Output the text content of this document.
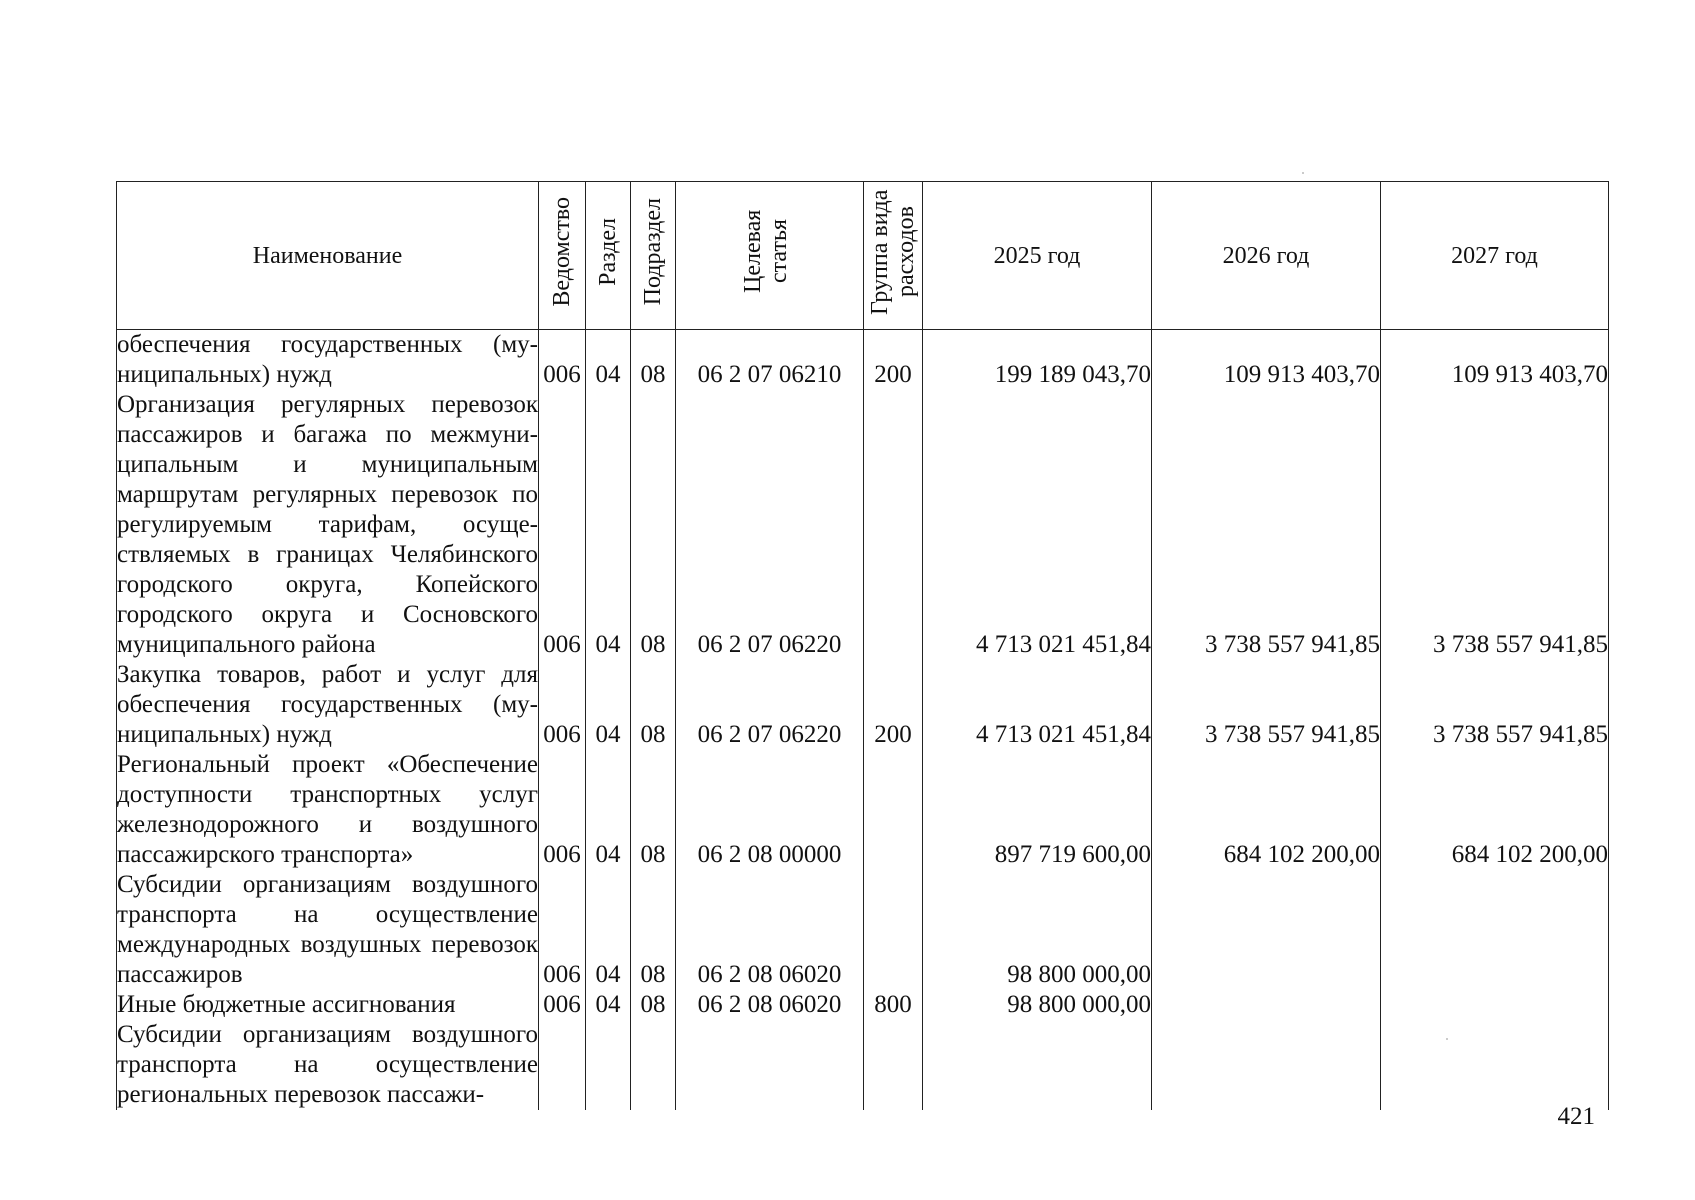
Наименование	Ведомство	Раздел	Подраздел	Целевая статья	Группа вида расходов	2025 год	2026 год	2027 год
обеспечения государственных (муниципальных) нужд	006	04	08	06 2 07 06210	200	199 189 043,70	109 913 403,70	109 913 403,70
Организация регулярных перевозок пассажиров и багажа по межмуниципальным и муниципальным маршрутам регулярных перевозок по регулируемым тарифам, осуществляемых в границах Челябинского городского округа, Копейского городского округа и Сосновского муниципального района	006	04	08	06 2 07 06220		4 713 021 451,84	3 738 557 941,85	3 738 557 941,85
Закупка товаров, работ и услуг для обеспечения государственных (муниципальных) нужд	006	04	08	06 2 07 06220	200	4 713 021 451,84	3 738 557 941,85	3 738 557 941,85
Региональный проект «Обеспечение доступности транспортных услуг железнодорожного и воздушного пассажирского транспорта»	006	04	08	06 2 08 00000		897 719 600,00	684 102 200,00	684 102 200,00
Субсидии организациям воздушного транспорта на осуществление международных воздушных перевозок пассажиров	006	04	08	06 2 08 06020		98 800 000,00		
Иные бюджетные ассигнования	006	04	08	06 2 08 06020	800	98 800 000,00		
Субсидии организациям воздушного транспорта на осуществление региональных перевозок пассажи-								
421
